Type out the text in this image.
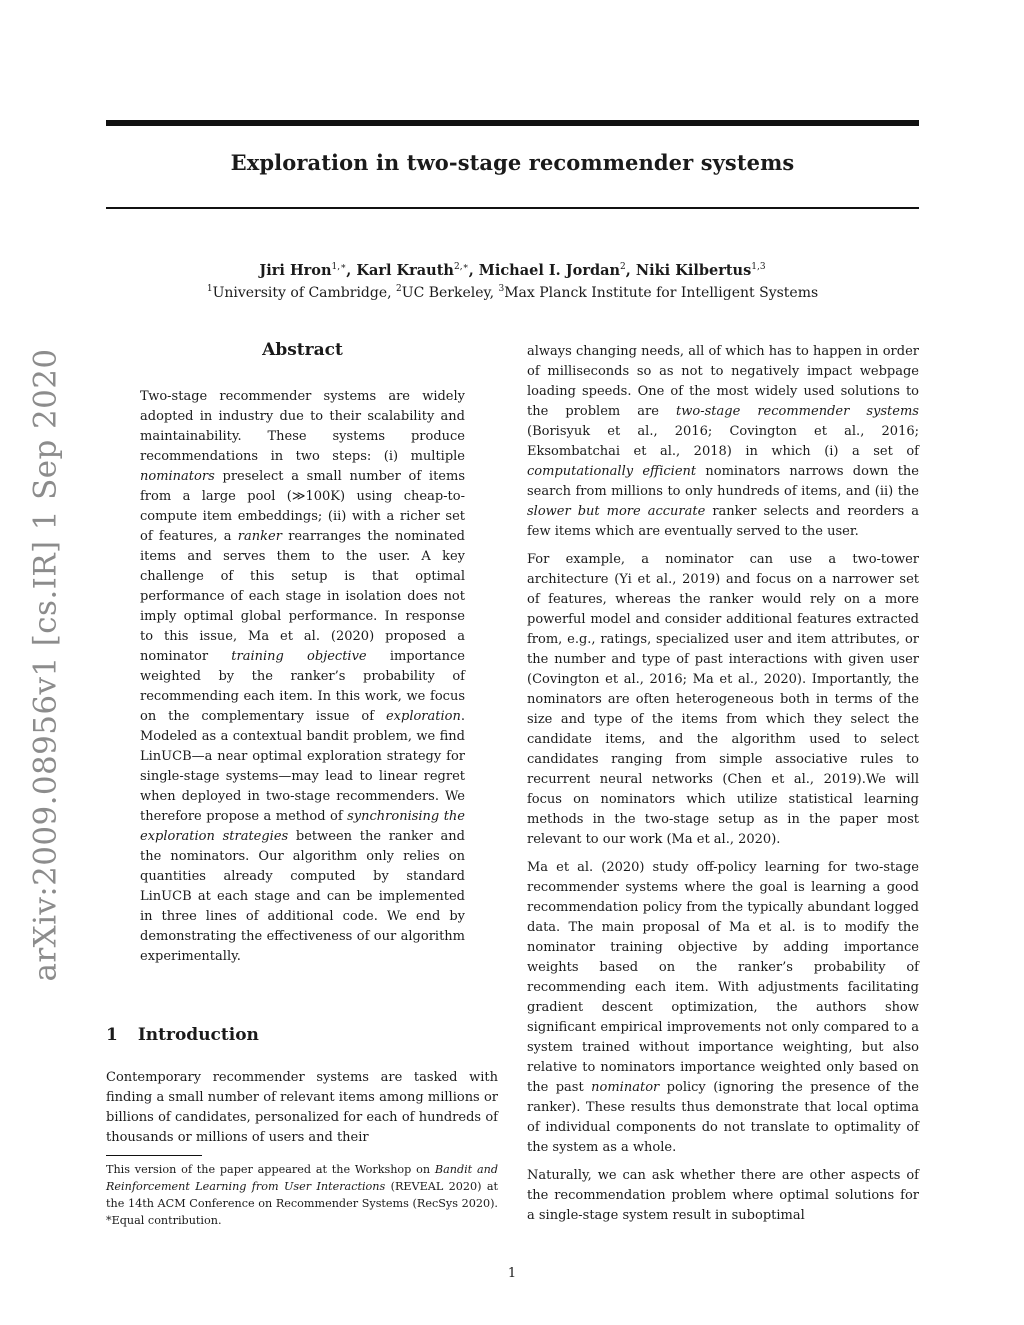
Exploration in two-stage recommender systems
Jiri Hron$^{1,∗}$, Karl Krauth$^{2,∗}$, Michael I. Jordan$^2$, Niki Kilbertus$^{1,3}$
$^1$University of Cambridge, $^2$UC Berkeley, $^3$Max Planck Institute for Intelligent Systems
arXiv:2009.08956v1 [cs.IR] 1 Sep 2020	Abstract
Two-stage recommender systems are widely adopted in industry due to their scalability and maintainability. These systems produce recommendations in two steps: (i) multiple nominators preselect a small number of items from a large pool (≫100K) using cheap-to-compute item embeddings; (ii) with a richer set of features, a ranker rearranges the nominated items and serves them to the user. A key challenge of this setup is that optimal performance of each stage in isolation does not imply optimal global performance. In response to this issue, Ma et al. (2020) proposed a nominator training objective importance weighted by the ranker’s probability of recommending each item. In this work, we focus on the complementary issue of exploration. Modeled as a contextual bandit problem, we find LinUCB—a near optimal exploration strategy for single-stage systems—may lead to linear regret when deployed in two-stage recommenders. We therefore propose a method of synchronising the exploration strategies between the ranker and the nominators. Our algorithm only relies on quantities already computed by standard LinUCB at each stage and can be implemented in three lines of additional code. We end by demonstrating the effectiveness of our algorithm experimentally.
1 Introduction
Contemporary recommender systems are tasked with finding a small number of relevant items among millions or billions of candidates, personalized for each of hundreds of thousands or millions of users and their
This version of the paper appeared at the Workshop on Bandit and Reinforcement Learning from User Interactions (REVEAL 2020) at the 14th ACM Conference on Recommender Systems (RecSys 2020). *Equal contribution.

always changing needs, all of which has to happen in order of milliseconds so as not to negatively impact webpage loading speeds. One of the most widely used solutions to the problem are two-stage recommender systems (Borisyuk et al., 2016; Covington et al., 2016; Eksombatchai et al., 2018) in which (i) a set of computationally efficient nominators narrows down the search from millions to only hundreds of items, and (ii) the slower but more accurate ranker selects and reorders a few items which are eventually served to the user.

For example, a nominator can use a two-tower architecture (Yi et al., 2019) and focus on a narrower set of features, whereas the ranker would rely on a more powerful model and consider additional features extracted from, e.g., ratings, specialized user and item attributes, or the number and type of past interactions with given user (Covington et al., 2016; Ma et al., 2020). Importantly, the nominators are often heterogeneous both in terms of the size and type of the items from which they select the candidate items, and the algorithm used to select candidates ranging from simple associative rules to recurrent neural networks (Chen et al., 2019).We will focus on nominators which utilize statistical learning methods in the two-stage setup as in the paper most relevant to our work (Ma et al., 2020).

Ma et al. (2020) study off-policy learning for two-stage recommender systems where the goal is learning a good recommendation policy from the typically abundant logged data. The main proposal of Ma et al. is to modify the nominator training objective by adding importance weights based on the ranker’s probability of recommending each item. With adjustments facilitating gradient descent optimization, the authors show significant empirical improvements not only compared to a system trained without importance weighting, but also relative to nominators importance weighted only based on the past nominator policy (ignoring the presence of the ranker). These results thus demonstrate that local optima of individual components do not translate to optimality of the system as a whole.

Naturally, we can ask whether there are other aspects of the recommendation problem where optimal solutions for a single-stage system result in suboptimal

1
